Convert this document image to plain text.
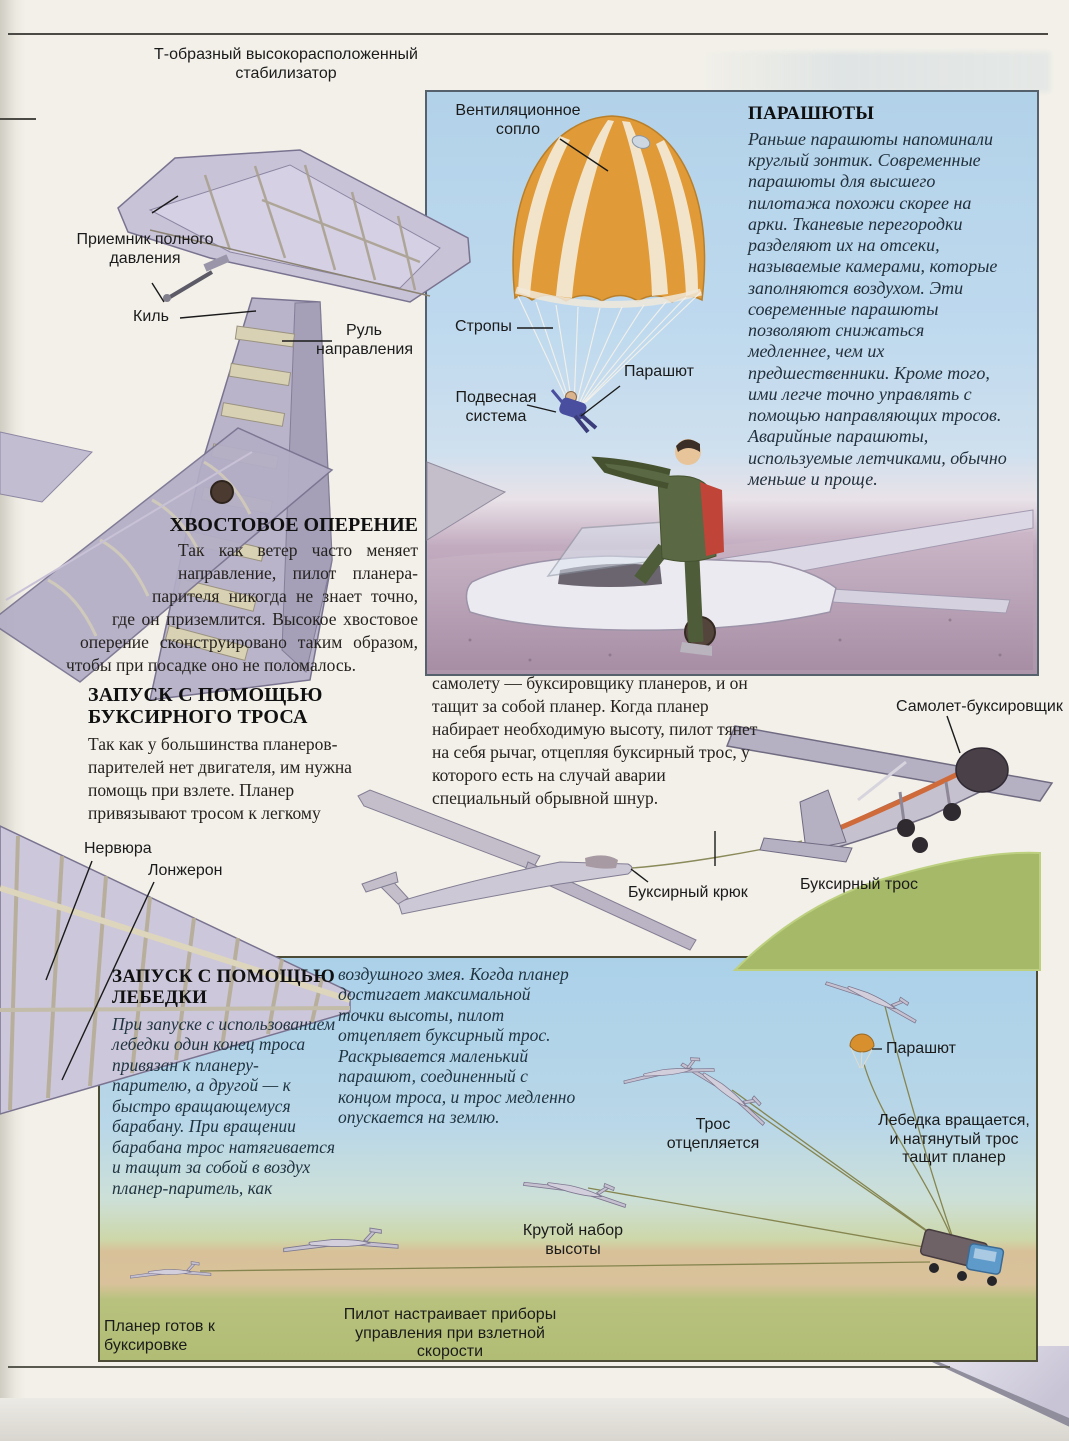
Т-образный высокорасположенный стабилизатор
Приемник полного давления
Киль
Руль направления
Вентиляционное сопло
ПАРАШЮТЫ
Раньше парашюты напоминали круглый зонтик. Современные парашюты для высшего пилотажа похожи скорее на арки. Тканевые перегородки разделяют их на отсеки, называемые камерами, которые заполняются воздухом. Эти современные парашюты позволяют снижаться медленнее, чем их предшественники. Кроме того, ими легче точно управлять с помощью направляющих тросов. Аварийные парашюты, используемые летчиками, обычно меньше и проще.
Стропы
Парашют
Подвесная система
ХВОСТОВОЕ ОПЕРЕНИЕ

Так как ветер часто меняет направление, пилот планера-парителя никогда не знает точно, где он приземлится. Высокое хвостовое оперение сконструировано таким образом, чтобы при посадке оно не поломалось.

ЗАПУСК С ПОМОЩЬЮ БУКСИРНОГО ТРОСА
Так как у большинства планеров-парителей нет двигателя, им нужна помощь при взлете. Планер привязывают тросом к легкому
самолету — буксировщику планеров, и он тащит за собой планер. Когда планер набирает необходимую высоту, пилот тянет на себя рычаг, отцепляя буксирный трос, у которого есть на случай аварии специальный обрывной шнур.
Нервюра
Лонжерон
Самолет-буксировщик
Буксирный крюк	Буксирный трос
ЗАПУСК С ПОМОЩЬЮ ЛЕБЕДКИ
При запуске с использованием лебедки один конец троса привязан к планеру-парителю, а другой — к быстро вращающемуся барабану. При вращении барабана трос натягивается и тащит за собой в воздух планер-паритель, как
воздушного змея. Когда планер достигает максимальной точки высоты, пилот отцепляет буксирный трос. Раскрывается маленький парашют, соединенный с концом троса, и трос медленно опускается на землю.
Парашют
Трос отцепляется
Лебедка вращается, и натянутый трос тащит планер
Крутой набор высоты
Планер готов к буксировке
Пилот настраивает приборы управления при взлетной скорости
